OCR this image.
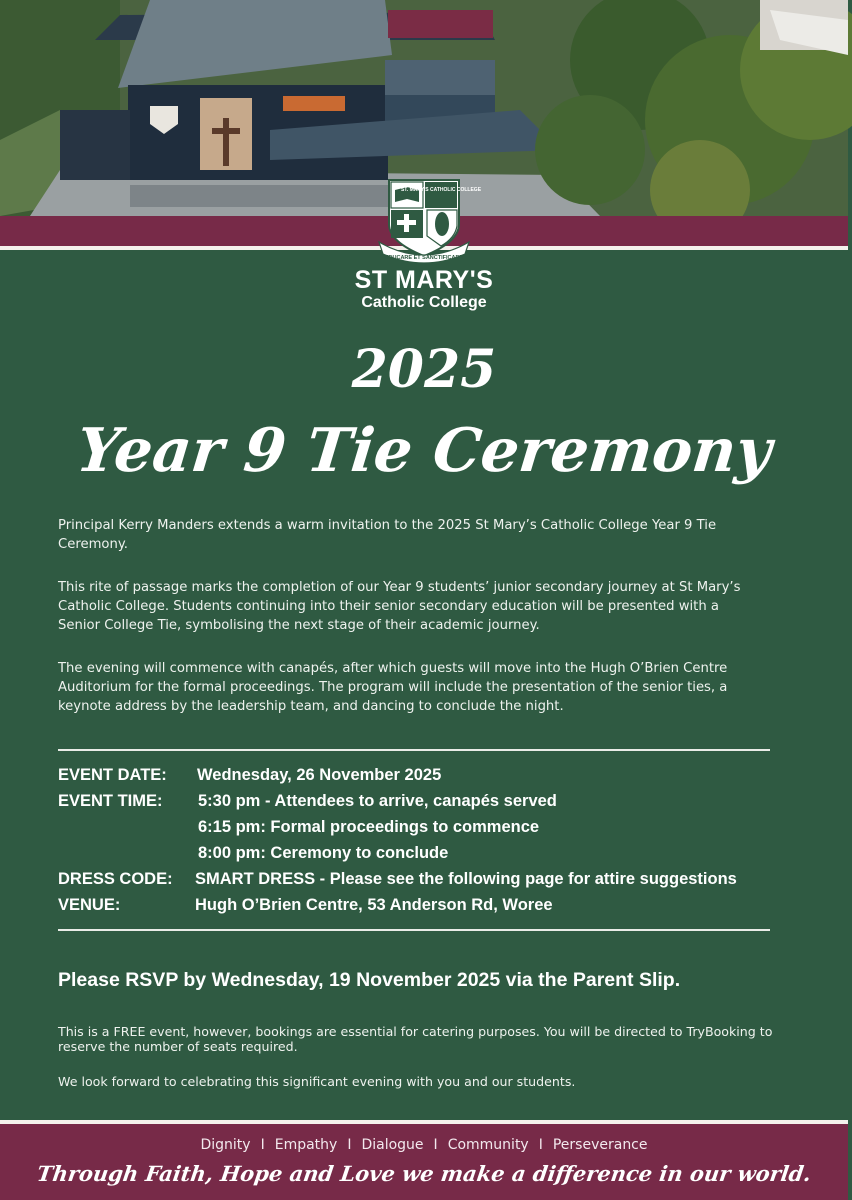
ST. MARY'S CATHOLIC COLLEGE
EDUCARE ET SANCTIFICARE
ST MARY'S
Catholic College
2025
Year 9 Tie Ceremony

Principal Kerry Manders extends a warm invitation to the 2025 St Mary’s Catholic College Year 9 Tie Ceremony.

This rite of passage marks the completion of our Year 9 students’ junior secondary journey at St Mary’s Catholic College. Students continuing into their senior secondary education will be presented with a Senior College Tie, symbolising the next stage of their academic journey.

The evening will commence with canapés, after which guests will move into the Hugh O’Brien Centre Auditorium for the formal proceedings. The program will include the presentation of the senior ties, a keynote address by the leadership team, and dancing to conclude the night.

EVENT DATE: Wednesday, 26 November 2025
EVENT TIME: 5:30 pm - Attendees to arrive, canapés served
6:15 pm: Formal proceedings to commence
8:00 pm: Ceremony to conclude
DRESS CODE: SMART DRESS - Please see the following page for attire suggestions
VENUE:	Hugh O’Brien Centre, 53 Anderson Rd, Woree
Please RSVP by Wednesday, 19 November 2025 via the Parent Slip.

This is a FREE event, however, bookings are essential for catering purposes. You will be directed to TryBooking to reserve the number of seats required.

We look forward to celebrating this significant evening with you and our students.

Dignity I Empathy I Dialogue I Community I Perseverance
Through Faith, Hope and Love we make a difference in our world.
